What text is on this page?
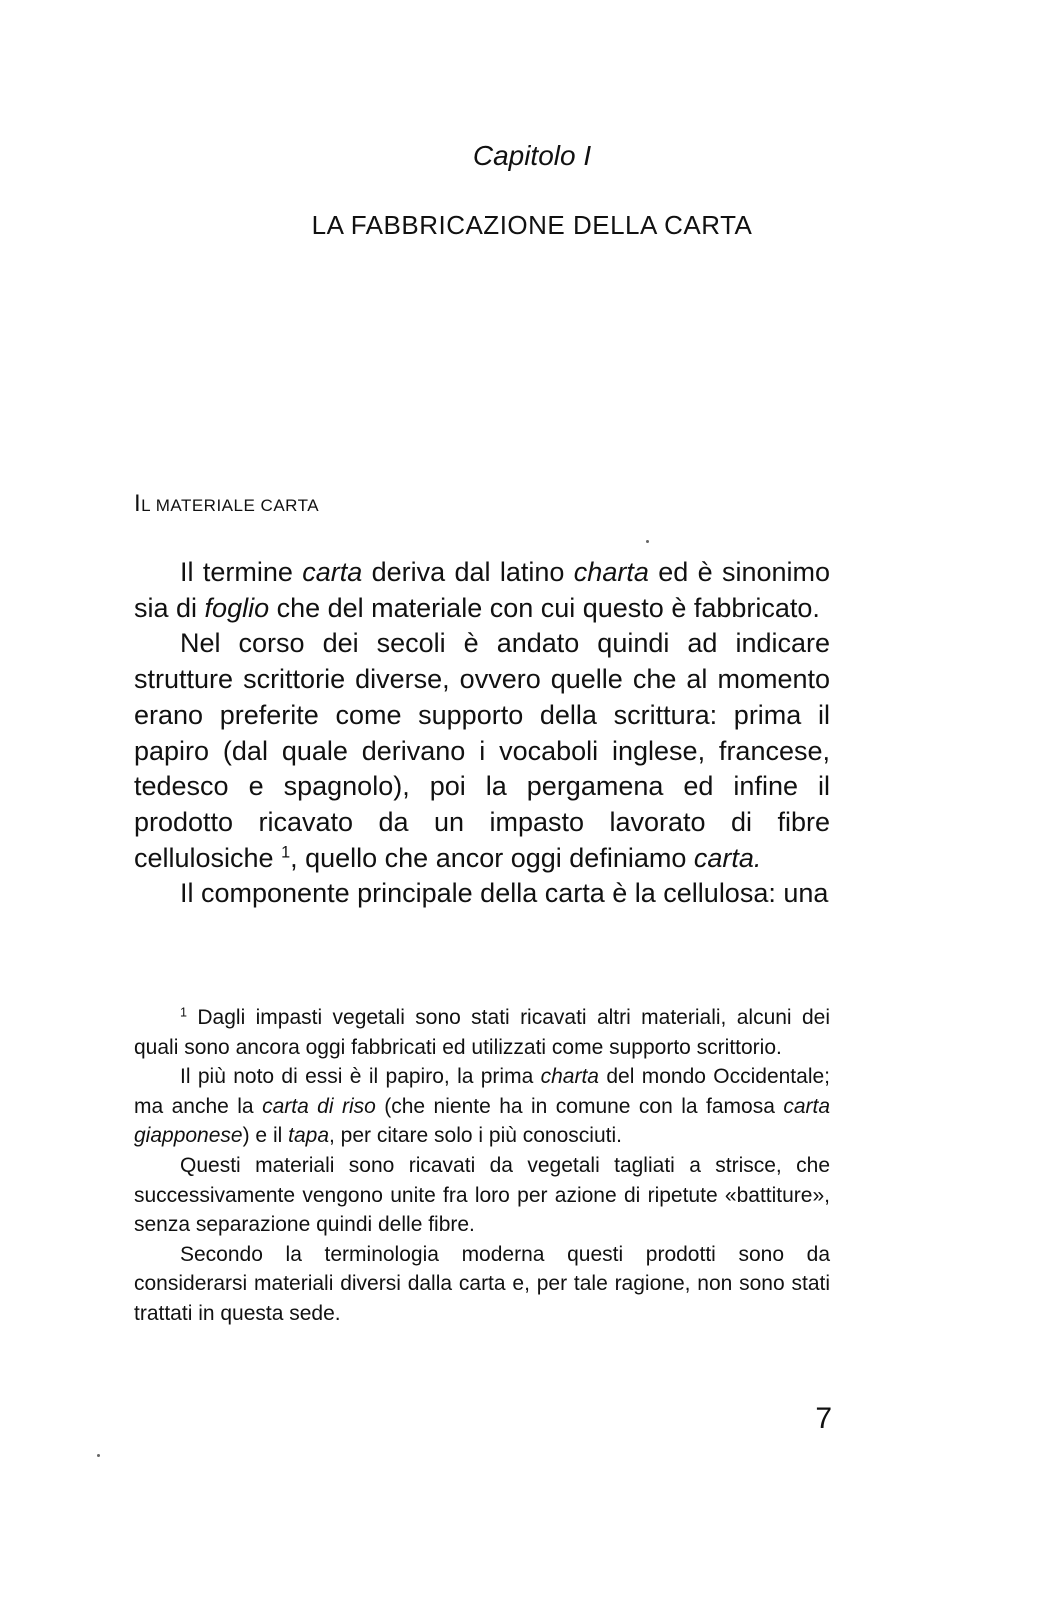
Capitolo I
LA FABBRICAZIONE DELLA CARTA
IL MATERIALE CARTA

Il termine carta deriva dal latino charta ed è sinonimo sia di foglio che del materiale con cui questo è fabbricato.

Nel corso dei secoli è andato quindi ad indicare strutture scrittorie diverse, ovvero quelle che al momento erano preferite come supporto della scrittura: prima il papiro (dal quale derivano i vocaboli inglese, francese, tedesco e spagnolo), poi la pergamena ed infine il prodotto ricavato da un impasto lavorato di fibre cellulosiche $^1$, quello che ancor oggi definiamo carta.

Il componente principale della carta è la cellulosa: una

$^1$ Dagli impasti vegetali sono stati ricavati altri materiali, alcuni dei quali sono ancora oggi fabbricati ed utilizzati come supporto scrittorio.

Il più noto di essi è il papiro, la prima charta del mondo Occidentale; ma anche la carta di riso (che niente ha in comune con la famosa carta giapponese) e il tapa, per citare solo i più conosciuti.

Questi materiali sono ricavati da vegetali tagliati a strisce, che successivamente vengono unite fra loro per azione di ripetute «battiture», senza separazione quindi delle fibre.

Secondo la terminologia moderna questi prodotti sono da considerarsi materiali diversi dalla carta e, per tale ragione, non sono stati trattati in questa sede.

7
